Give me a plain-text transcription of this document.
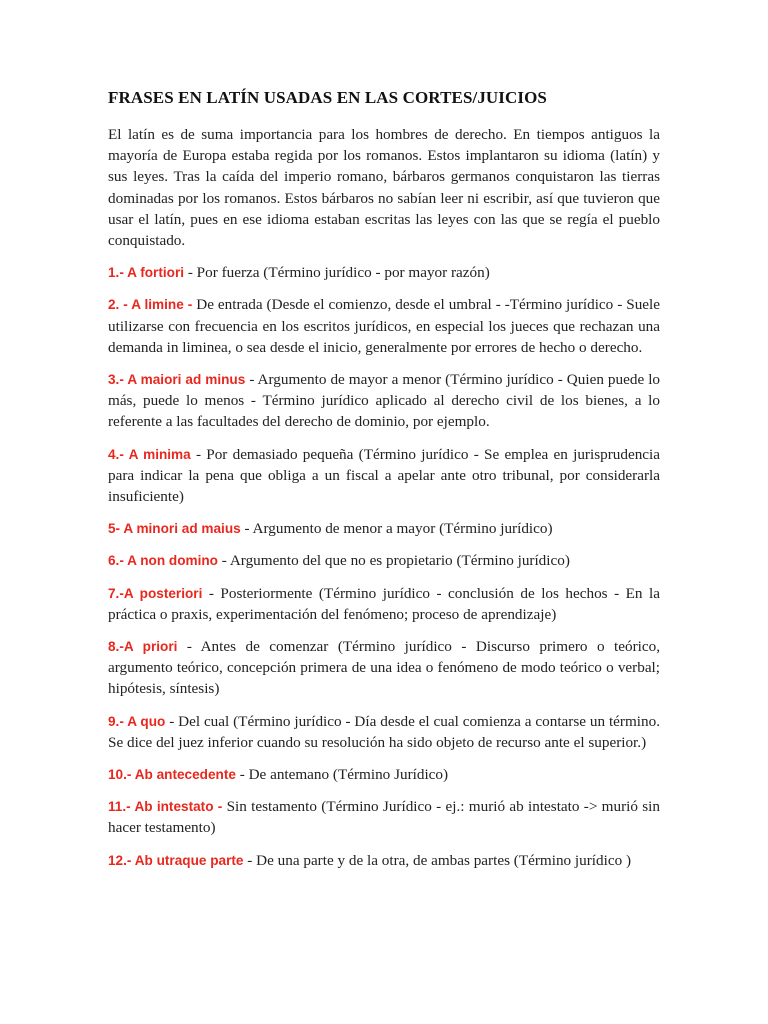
FRASES EN LATÍN USADAS EN LAS CORTES/JUICIOS

El latín es de suma importancia para los hombres de derecho. En tiempos antiguos la mayoría de Europa estaba regida por los romanos. Estos implantaron su idioma (latín) y sus leyes. Tras la caída del imperio romano, bárbaros germanos conquistaron las tierras dominadas por los romanos. Estos bárbaros no sabían leer ni escribir, así que tuvieron que usar el latín, pues en ese idioma estaban escritas las leyes con las que se regía el pueblo conquistado.

1.- A fortiori - Por fuerza (Término jurídico - por mayor razón)

2. - A limine - De entrada (Desde el comienzo, desde el umbral - -Término jurídico - Suele utilizarse con frecuencia en los escritos jurídicos, en especial los jueces que rechazan una demanda in liminea, o sea desde el inicio, generalmente por errores de hecho o derecho.

3.- A maiori ad minus - Argumento de mayor a menor (Término jurídico - Quien puede lo más, puede lo menos - Término jurídico aplicado al derecho civil de los bienes, a lo referente a las facultades del derecho de dominio, por ejemplo.

4.- A minima - Por demasiado pequeña (Término jurídico - Se emplea en jurisprudencia para indicar la pena que obliga a un fiscal a apelar ante otro tribunal, por considerarla insuficiente)

5- A minori ad maius - Argumento de menor a mayor (Término jurídico)

6.- A non domino - Argumento del que no es propietario (Término jurídico)

7.-A posteriori - Posteriormente (Término jurídico - conclusión de los hechos - En la práctica o praxis, experimentación del fenómeno; proceso de aprendizaje)

8.-A priori - Antes de comenzar (Término jurídico - Discurso primero o teórico, argumento teórico, concepción primera de una idea o fenómeno de modo teórico o verbal; hipótesis, síntesis)

9.- A quo - Del cual (Término jurídico - Día desde el cual comienza a contarse un término. Se dice del juez inferior cuando su resolución ha sido objeto de recurso ante el superior.)

10.- Ab antecedente - De antemano (Término Jurídico)

11.- Ab intestato - Sin testamento (Término Jurídico - ej.: murió ab intestato -> murió sin hacer testamento)

12.- Ab utraque parte - De una parte y de la otra, de ambas partes (Término jurídico )
